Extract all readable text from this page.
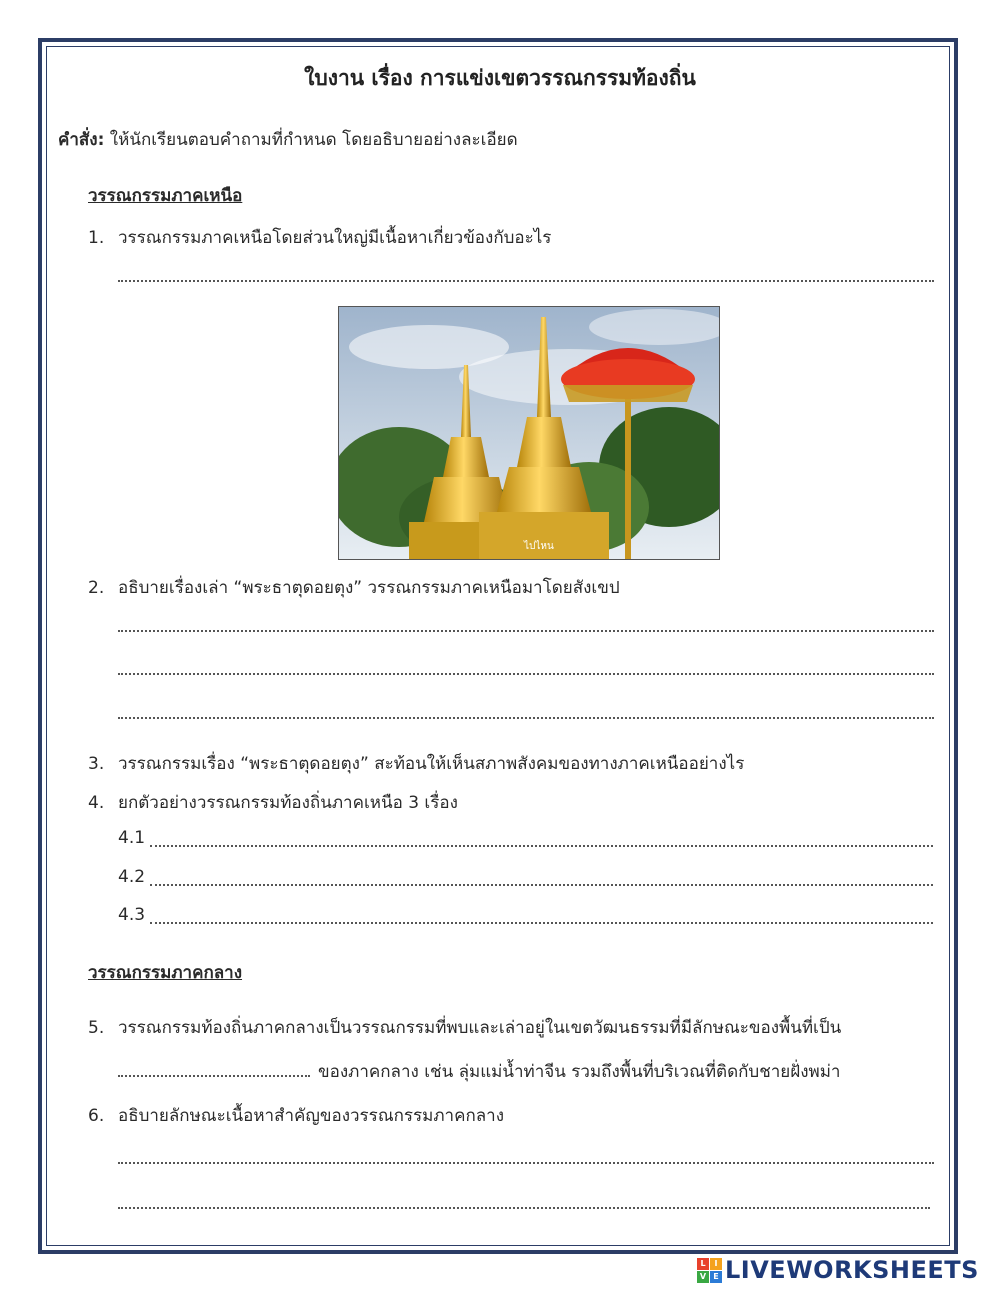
ใบงาน เรื่อง การแข่งเขตวรรณกรรมท้องถิ่น
คำสั่ง: ให้นักเรียนตอบคำถามที่กำหนด โดยอธิบายอย่างละเอียด
วรรณกรรมภาคเหนือ
1. วรรณกรรมภาคเหนือโดยส่วนใหญ่มีเนื้อหาเกี่ยวข้องกับอะไร
ไปไหน
2. อธิบายเรื่องเล่า “พระธาตุดอยตุง” วรรณกรรมภาคเหนือมาโดยสังเขป
3. วรรณกรรมเรื่อง “พระธาตุดอยตุง” สะท้อนให้เห็นสภาพสังคมของทางภาคเหนืออย่างไร
4. ยกตัวอย่างวรรณกรรมท้องถิ่นภาคเหนือ 3 เรื่อง
4.1
4.2
4.3
วรรณกรรมภาคกลาง
5. วรรณกรรมท้องถิ่นภาคกลางเป็นวรรณกรรมที่พบและเล่าอยู่ในเขตวัฒนธรรมที่มีลักษณะของพื้นที่เป็น
ของภาคกลาง เช่น ลุ่มแม่น้ำท่าจีน รวมถึงพื้นที่บริเวณที่ติดกับชายฝั่งพม่า
6. อธิบายลักษณะเนื้อหาสำคัญของวรรณกรรมภาคกลาง
L	I
V E LIVEWORKSHEETS
